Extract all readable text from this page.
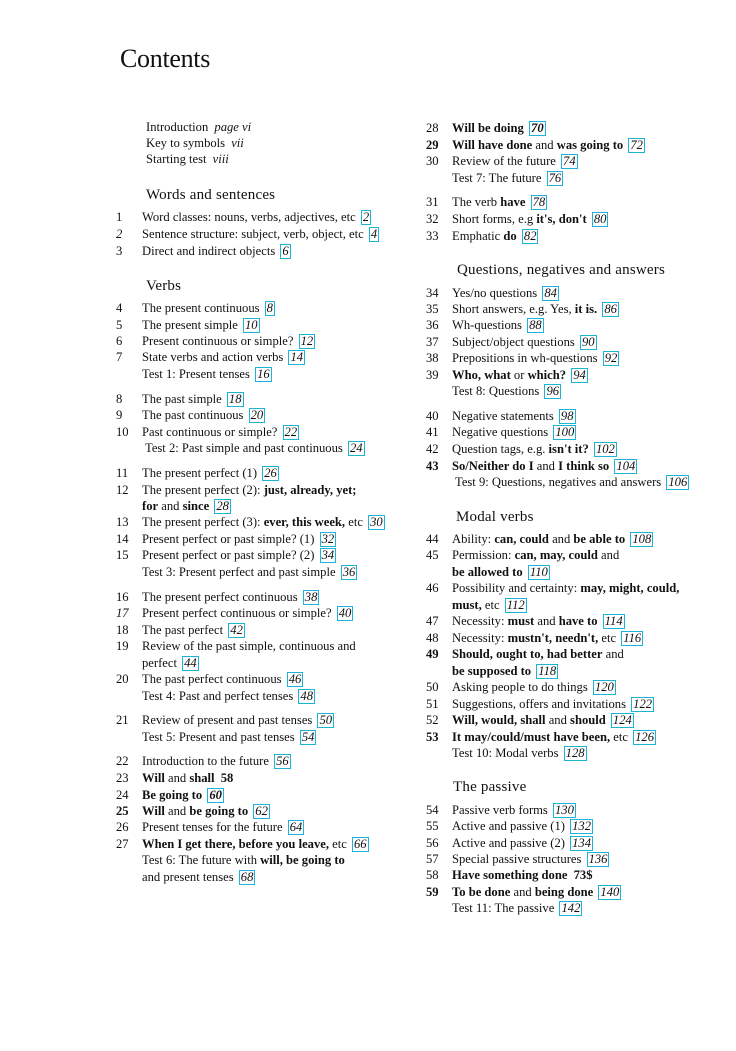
Contents
Introduction page vi
Key to symbols vii
Starting test viii
Words and sentences
1	Word classes: nouns, verbs, adjectives, etc 2
2	Sentence structure: subject, verb, object, etc 4
3	Direct and indirect objects 6
Verbs
4	The present continuous 8
5	The present simple 10
6	Present continuous or simple? 12
7	State verbs and action verbs 14
Test 1: Present tenses 16
8	The past simple 18
9	The past continuous 20
10	Past continuous or simple? 22
Test 2: Past simple and past continuous 24
11	The present perfect (1) 26
12	The present perfect (2): just, already, yet;
for and since 28
13	The present perfect (3): ever, this week, etc 30
14	Present perfect or past simple? (1) 32
15	Present perfect or past simple? (2) 34
Test 3: Present perfect and past simple 36
16	The present perfect continuous 38
17	Present perfect continuous or simple? 40
18	The past perfect 42
19	Review of the past simple, continuous and
perfect 44
20	The past perfect continuous 46
Test 4: Past and perfect tenses 48
21	Review of present and past tenses 50
Test 5: Present and past tenses 54
22	Introduction to the future 56
23	Will and shall 58
24	Be going to 60
25	Will and be going to 62
26	Present tenses for the future 64
27	When I get there, before you leave, etc 66
Test 6: The future with will, be going to
and present tenses 68
28	Will be doing 70
29	Will have done and was going to 72
30	Review of the future 74
Test 7: The future 76
31	The verb have 78
32	Short forms, e.g it's, don't 80
33	Emphatic do 82
Questions, negatives and answers
34	Yes/no questions 84
35	Short answers, e.g. Yes, it is. 86
36	Wh-questions 88
37	Subject/object questions 90
38	Prepositions in wh-questions 92
39	Who, what or which? 94
Test 8: Questions 96
40	Negative statements 98
41	Negative questions 100
42	Question tags, e.g. isn't it? 102
43	So/Neither do I and I think so 104
Test 9: Questions, negatives and answers 106
Modal verbs
44	Ability: can, could and be able to 108
45	Permission: can, may, could and
be allowed to 110
46	Possibility and certainty: may, might, could,
must, etc 112
47	Necessity: must and have to 114
48	Necessity: mustn't, needn't, etc 116
49	Should, ought to, had better and
be supposed to 118
50	Asking people to do things 120
51	Suggestions, offers and invitations 122
52	Will, would, shall and should 124
53	It may/could/must have been, etc 126
Test 10: Modal verbs 128
The passive
54	Passive verb forms 130
55	Active and passive (1) 132
56	Active and passive (2) 134
57	Special passive structures 136
58	Have something done 73$
59	To be done and being done 140
Test 11: The passive 142
